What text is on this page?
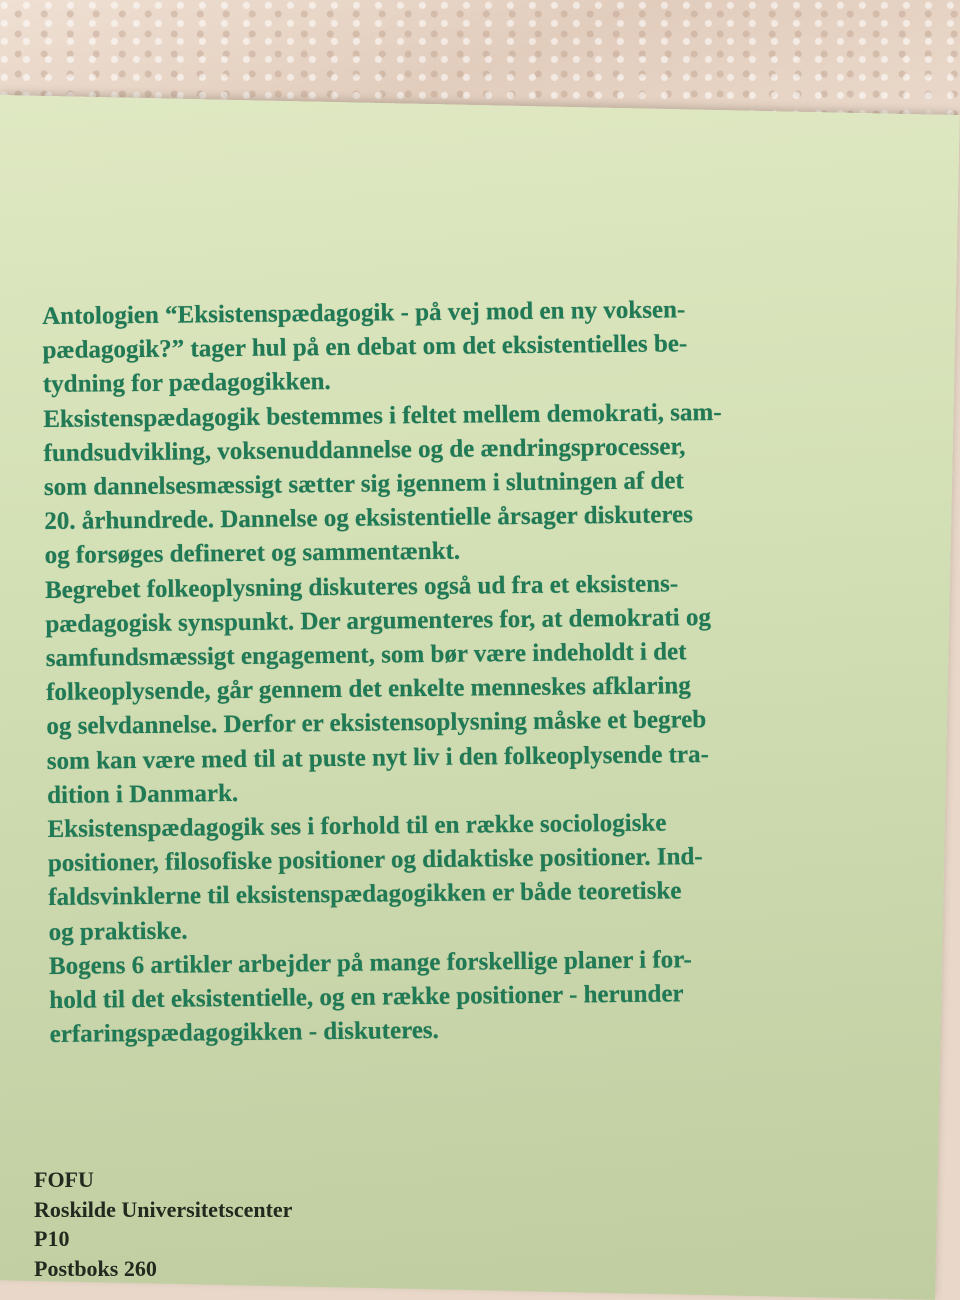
Antologien “Eksistenspædagogik - på vej mod en ny voksen-
pædagogik?” tager hul på en debat om det eksistentielles be-
tydning for pædagogikken.
Eksistenspædagogik bestemmes i feltet mellem demokrati, sam-
fundsudvikling, voksenuddannelse og de ændringsprocesser,
som dannelsesmæssigt sætter sig igennem i slutningen af det
20. århundrede. Dannelse og eksistentielle årsager diskuteres
og forsøges defineret og sammentænkt.
Begrebet folkeoplysning diskuteres også ud fra et eksistens-
pædagogisk synspunkt. Der argumenteres for, at demokrati og
samfundsmæssigt engagement, som bør være indeholdt i det
folkeoplysende, går gennem det enkelte menneskes afklaring
og selvdannelse. Derfor er eksistensoplysning måske et begreb
som kan være med til at puste nyt liv i den folkeoplysende tra-
dition i Danmark.
Eksistenspædagogik ses i forhold til en række sociologiske
positioner, filosofiske positioner og didaktiske positioner. Ind-
faldsvinklerne til eksistenspædagogikken er både teoretiske
og praktiske.
Bogens 6 artikler arbejder på mange forskellige planer i for-
hold til det eksistentielle, og en række positioner - herunder
erfaringspædagogikken - diskuteres.
FOFU
Roskilde Universitetscenter
P10
Postboks 260
